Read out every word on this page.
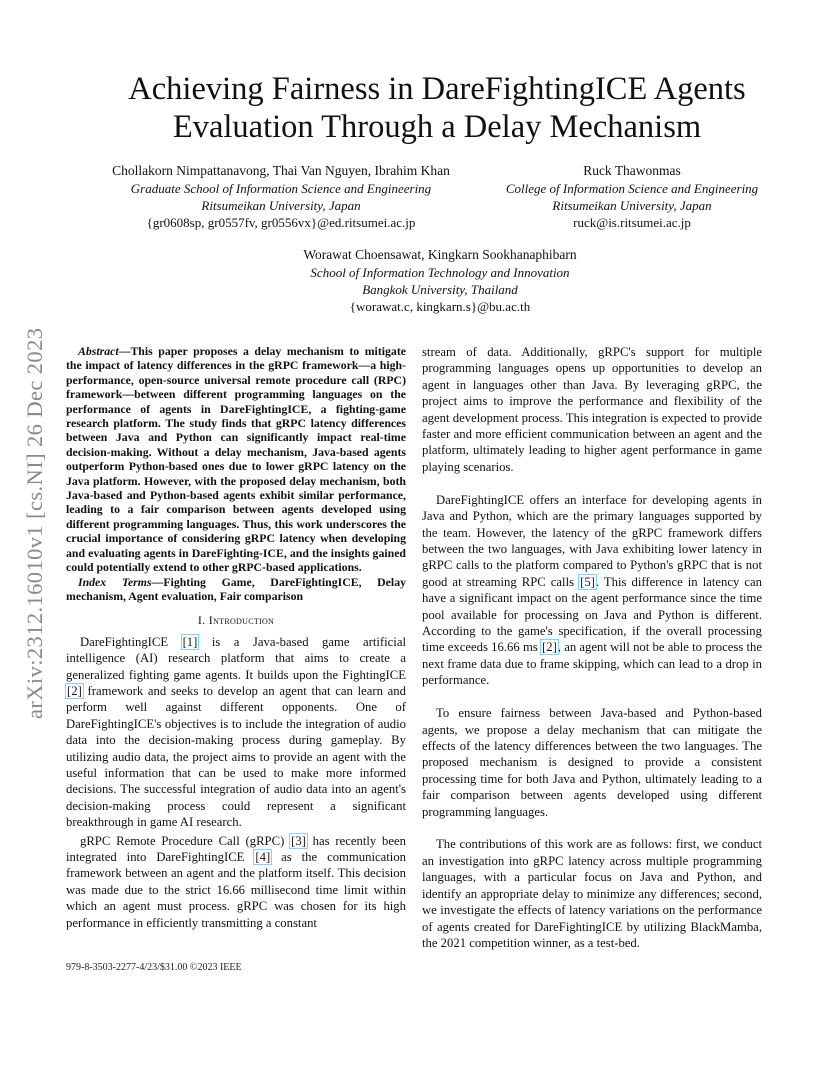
arXiv:2312.16010v1 [cs.NI] 26 Dec 2023
Achieving Fairness in DareFightingICE Agents
Evaluation Through a Delay Mechanism
Chollakorn Nimpattanavong, Thai Van Nguyen, Ibrahim Khan
Graduate School of Information Science and Engineering
Ritsumeikan University, Japan
{gr0608sp, gr0557fv, gr0556vx}@ed.ritsumei.ac.jp
Ruck Thawonmas
College of Information Science and Engineering
Ritsumeikan University, Japan
ruck@is.ritsumei.ac.jp
Worawat Choensawat, Kingkarn Sookhanaphibarn
School of Information Technology and Innovation
Bangkok University, Thailand
{worawat.c, kingkarn.s}@bu.ac.th

Abstract—This paper proposes a delay mechanism to mitigate the impact of latency differences in the gRPC framework—a high-performance, open-source universal remote procedure call (RPC) framework—between different programming languages on the performance of agents in DareFightingICE, a fighting-game research platform. The study finds that gRPC latency differences between Java and Python can significantly impact real-time decision-making. Without a delay mechanism, Java-based agents outperform Python-based ones due to lower gRPC latency on the Java platform. However, with the proposed delay mechanism, both Java-based and Python-based agents exhibit similar performance, leading to a fair comparison between agents developed using different programming languages. Thus, this work underscores the crucial importance of considering gRPC latency when developing and evaluating agents in DareFighting-ICE, and the insights gained could potentially extend to other gRPC-based applications.

Index Terms—Fighting Game, DareFightingICE, Delay mechanism, Agent evaluation, Fair comparison

I. Introduction

DareFightingICE [1] is a Java-based game artificial intelligence (AI) research platform that aims to create a generalized fighting game agents. It builds upon the FightingICE [2] framework and seeks to develop an agent that can learn and perform well against different opponents. One of DareFightingICE's objectives is to include the integration of audio data into the decision-making process during gameplay. By utilizing audio data, the project aims to provide an agent with the useful information that can be used to make more informed decisions. The successful integration of audio data into an agent's decision-making process could represent a significant breakthrough in game AI research.

gRPC Remote Procedure Call (gRPC) [3] has recently been integrated into DareFightingICE [4] as the communication framework between an agent and the platform itself. This decision was made due to the strict 16.66 millisecond time limit within which an agent must process. gRPC was chosen for its high performance in efficiently transmitting a constant

stream of data. Additionally, gRPC's support for multiple programming languages opens up opportunities to develop an agent in languages other than Java. By leveraging gRPC, the project aims to improve the performance and flexibility of the agent development process. This integration is expected to provide faster and more efficient communication between an agent and the platform, ultimately leading to higher agent performance in game playing scenarios.

DareFightingICE offers an interface for developing agents in Java and Python, which are the primary languages supported by the team. However, the latency of the gRPC framework differs between the two languages, with Java exhibiting lower latency in gRPC calls to the platform compared to Python's gRPC that is not good at streaming RPC calls [5]. This difference in latency can have a significant impact on the agent performance since the time pool available for processing on Java and Python is different. According to the game's specification, if the overall processing time exceeds 16.66 ms [2], an agent will not be able to process the next frame data due to frame skipping, which can lead to a drop in performance.

To ensure fairness between Java-based and Python-based agents, we propose a delay mechanism that can mitigate the effects of the latency differences between the two languages. The proposed mechanism is designed to provide a consistent processing time for both Java and Python, ultimately leading to a fair comparison between agents developed using different programming languages.

The contributions of this work are as follows: first, we conduct an investigation into gRPC latency across multiple programming languages, with a particular focus on Java and Python, and identify an appropriate delay to minimize any differences; second, we investigate the effects of latency variations on the performance of agents created for DareFightingICE by utilizing BlackMamba, the 2021 competition winner, as a test-bed.

979-8-3503-2277-4/23/$31.00 ©2023 IEEE
